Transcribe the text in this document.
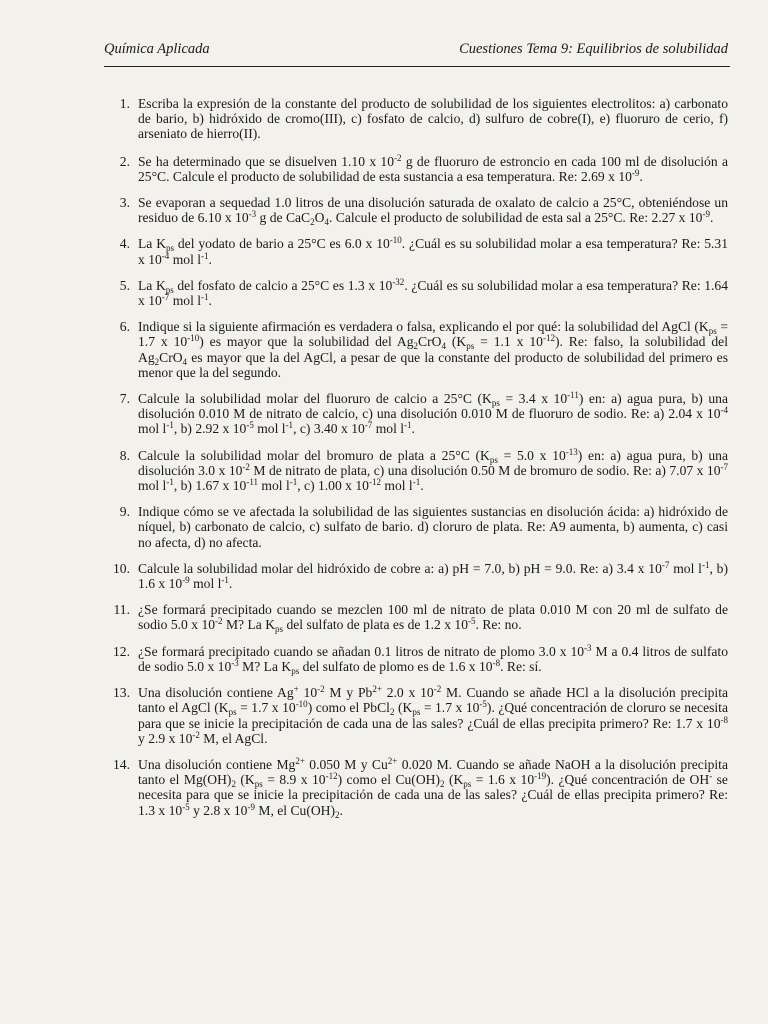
Química Aplicada	Cuestiones Tema 9: Equilibrios de solubilidad
1. Escriba la expresión de la constante del producto de solubilidad de los siguientes electrolitos: a) carbonato de bario, b) hidróxido de cromo(III), c) fosfato de calcio, d) sulfuro de cobre(I), e) fluoruro de cerio, f) arseniato de hierro(II).
2. Se ha determinado que se disuelven 1.10 x $10^{-2}$ g de fluoruro de estroncio en cada 100 ml de disolución a 25°C. Calcule el producto de solubilidad de esta sustancia a esa temperatura. Re: 2.69 x $10^{-9}$.
3. Se evaporan a sequedad 1.0 litros de una disolución saturada de oxalato de calcio a 25°C, obteniéndose un residuo de 6.10 x $10^{-3}$ g de $CaC_2O_4$. Calcule el producto de solubilidad de esta sal a 25°C. Re: 2.27 x $10^{-9}$.
4. La $K_{ps}$ del yodato de bario a 25°C es 6.0 x $10^{-10}$. ¿Cuál es su solubilidad molar a esa temperatura? Re: 5.31 x $10^{-4}$ mol $l^{-1}$.
5. La $K_{ps}$ del fosfato de calcio a 25°C es 1.3 x $10^{-32}$. ¿Cuál es su solubilidad molar a esa temperatura? Re: 1.64 x $10^{-7}$ mol $l^{-1}$.
6. Indique si la siguiente afirmación es verdadera o falsa, explicando el por qué: la solubilidad del AgCl ($K_{ps} = 1.7$ x $10^{-10}$) es mayor que la solubilidad del $Ag_2CrO_4$ ($K_{ps} = 1.1$ x $10^{-12}$). Re: falso, la solubilidad del $Ag_2CrO_4$ es mayor que la del AgCl, a pesar de que la constante del producto de solubilidad del primero es menor que la del segundo.
7. Calcule la solubilidad molar del fluoruro de calcio a 25°C ($K_{ps} = 3.4$ x $10^{-11}$) en: a) agua pura, b) una disolución 0.010 M de nitrato de calcio, c) una disolución 0.010 M de fluoruro de sodio. Re: a) 2.04 x $10^{-4}$ mol $l^{-1}$, b) 2.92 x $10^{-5}$ mol $l^{-1}$, c) 3.40 x $10^{-7}$ mol $l^{-1}$.
8. Calcule la solubilidad molar del bromuro de plata a 25°C ($K_{ps} = 5.0$ x $10^{-13}$) en: a) agua pura, b) una disolución 3.0 x $10^{-2}$ M de nitrato de plata, c) una disolución 0.50 M de bromuro de sodio. Re: a) 7.07 x $10^{-7}$ mol $l^{-1}$, b) 1.67 x $10^{-11}$ mol $l^{-1}$, c) 1.00 x $10^{-12}$ mol $l^{-1}$.
9. Indique cómo se ve afectada la solubilidad de las siguientes sustancias en disolución ácida: a) hidróxido de níquel, b) carbonato de calcio, c) sulfato de bario. d) cloruro de plata. Re: A9 aumenta, b) aumenta, c) casi no afecta, d) no afecta.
10. Calcule la solubilidad molar del hidróxido de cobre a: a) pH = 7.0, b) pH = 9.0. Re: a) 3.4 x $10^{-7}$ mol $l^{-1}$, b) 1.6 x $10^{-9}$ mol $l^{-1}$.
11. ¿Se formará precipitado cuando se mezclen 100 ml de nitrato de plata 0.010 M con 20 ml de sulfato de sodio 5.0 x $10^{-2}$ M? La $K_{ps}$ del sulfato de plata es de 1.2 x $10^{-5}$. Re: no.
12. ¿Se formará precipitado cuando se añadan 0.1 litros de nitrato de plomo 3.0 x $10^{-3}$ M a 0.4 litros de sulfato de sodio 5.0 x $10^{-3}$ M? La $K_{ps}$ del sulfato de plomo es de 1.6 x $10^{-8}$. Re: sí.
13. Una disolución contiene Ag+ $10^{-2}$ M y $Pb^{2+}$ 2.0 x $10^{-2}$ M. Cuando se añade HCl a la disolución precipita tanto el AgCl ($K_{ps} = 1.7$ x $10^{-10}$) como el PbCl$_2$ ($K_{ps} = 1.7$ x $10^{-5}$). ¿Qué concentración de cloruro se necesita para que se inicie la precipitación de cada una de las sales? ¿Cuál de ellas precipita primero? Re: 1.7 x $10^{-8}$ y 2.9 x $10^{-2}$ M, el AgCl.
14. Una disolución contiene $Mg^{2+}$ 0.050 M y $Cu^{2+}$ 0.020 M. Cuando se añade NaOH a la disolución precipita tanto el $Mg(OH)_2$ ($K_{ps} = 8.9$ x $10^{-12}$) como el $Cu(OH)_2$ ($K_{ps} = 1.6$ x $10^{-19}$). ¿Qué concentración de OH- se necesita para que se inicie la precipitación de cada una de las sales? ¿Cuál de ellas precipita primero? Re: 1.3 x $10^{-5}$ y 2.8 x $10^{-9}$ M, el $Cu(OH)_2$.
